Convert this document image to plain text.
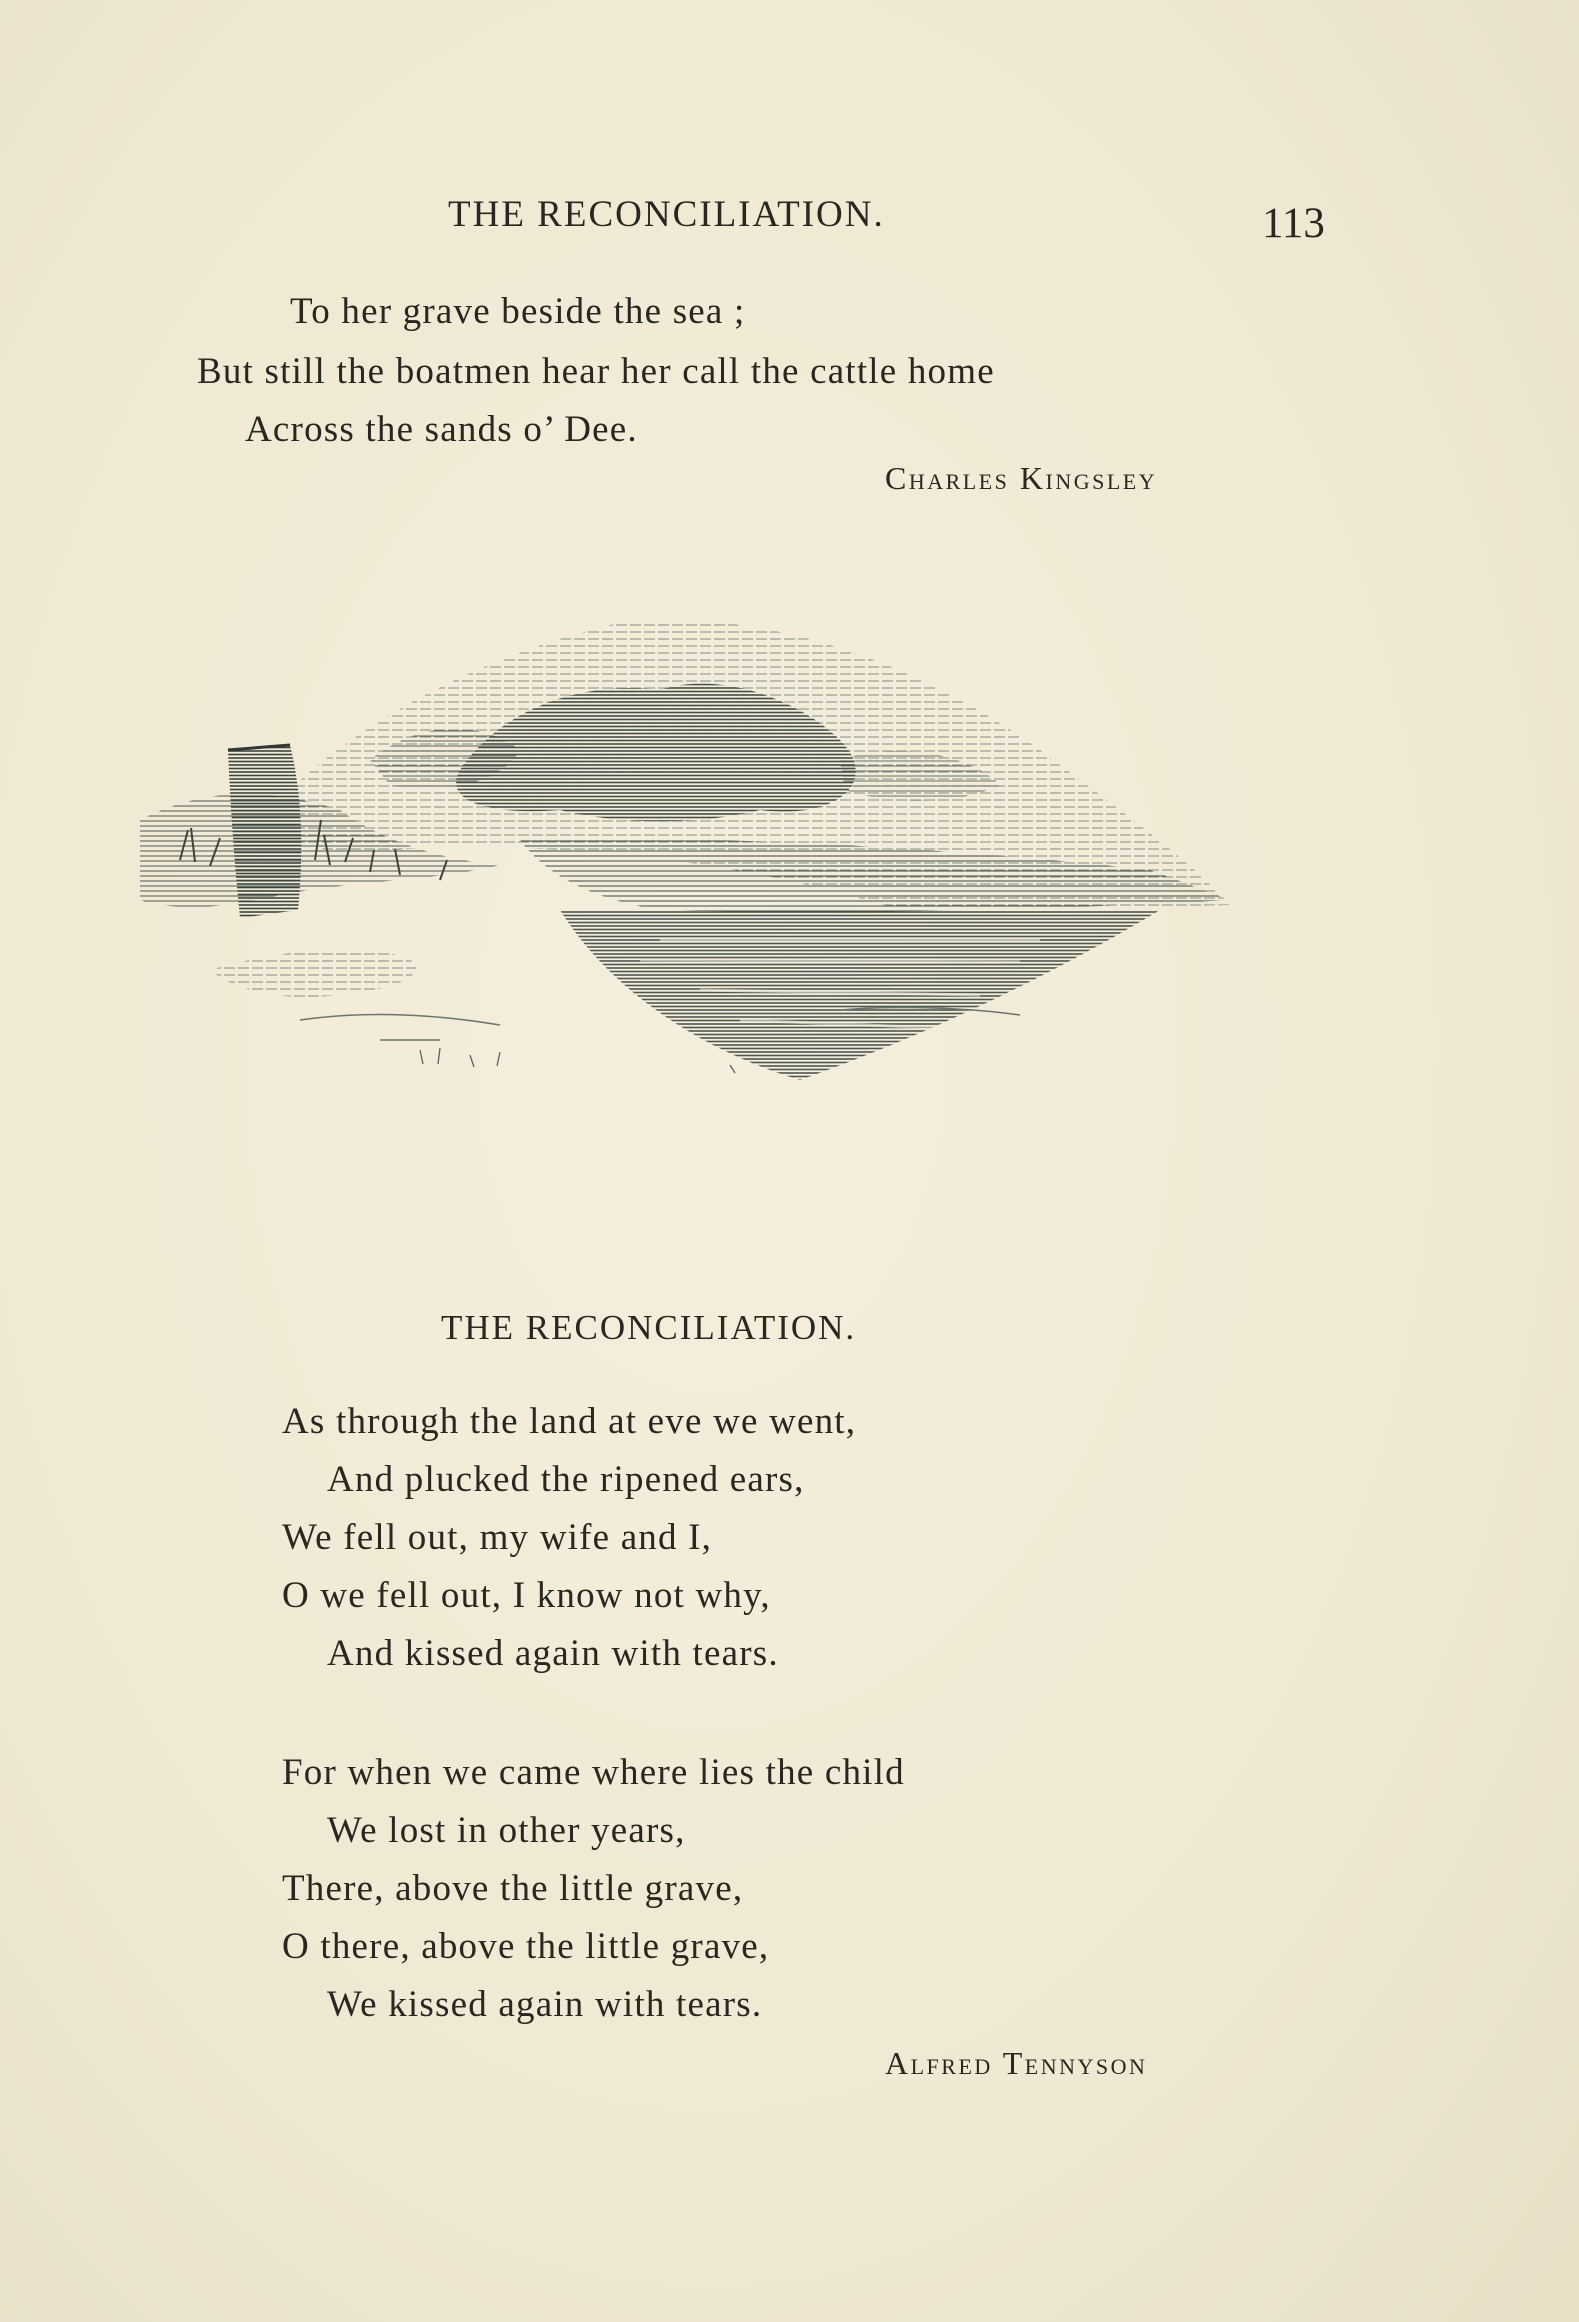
THE RECONCILIATION.	113
To her grave beside the sea ;
But still the boatmen hear her call the cattle home
Across the sands o’ Dee.
Charles Kingsley
THE RECONCILIATION.
As through the land at eve we went,
And plucked the ripened ears,
We fell out, my wife and I,
O we fell out, I know not why,
And kissed again with tears.
For when we came where lies the child
We lost in other years,
There, above the little grave,
O there, above the little grave,
We kissed again with tears.
Alfred Tennyson
